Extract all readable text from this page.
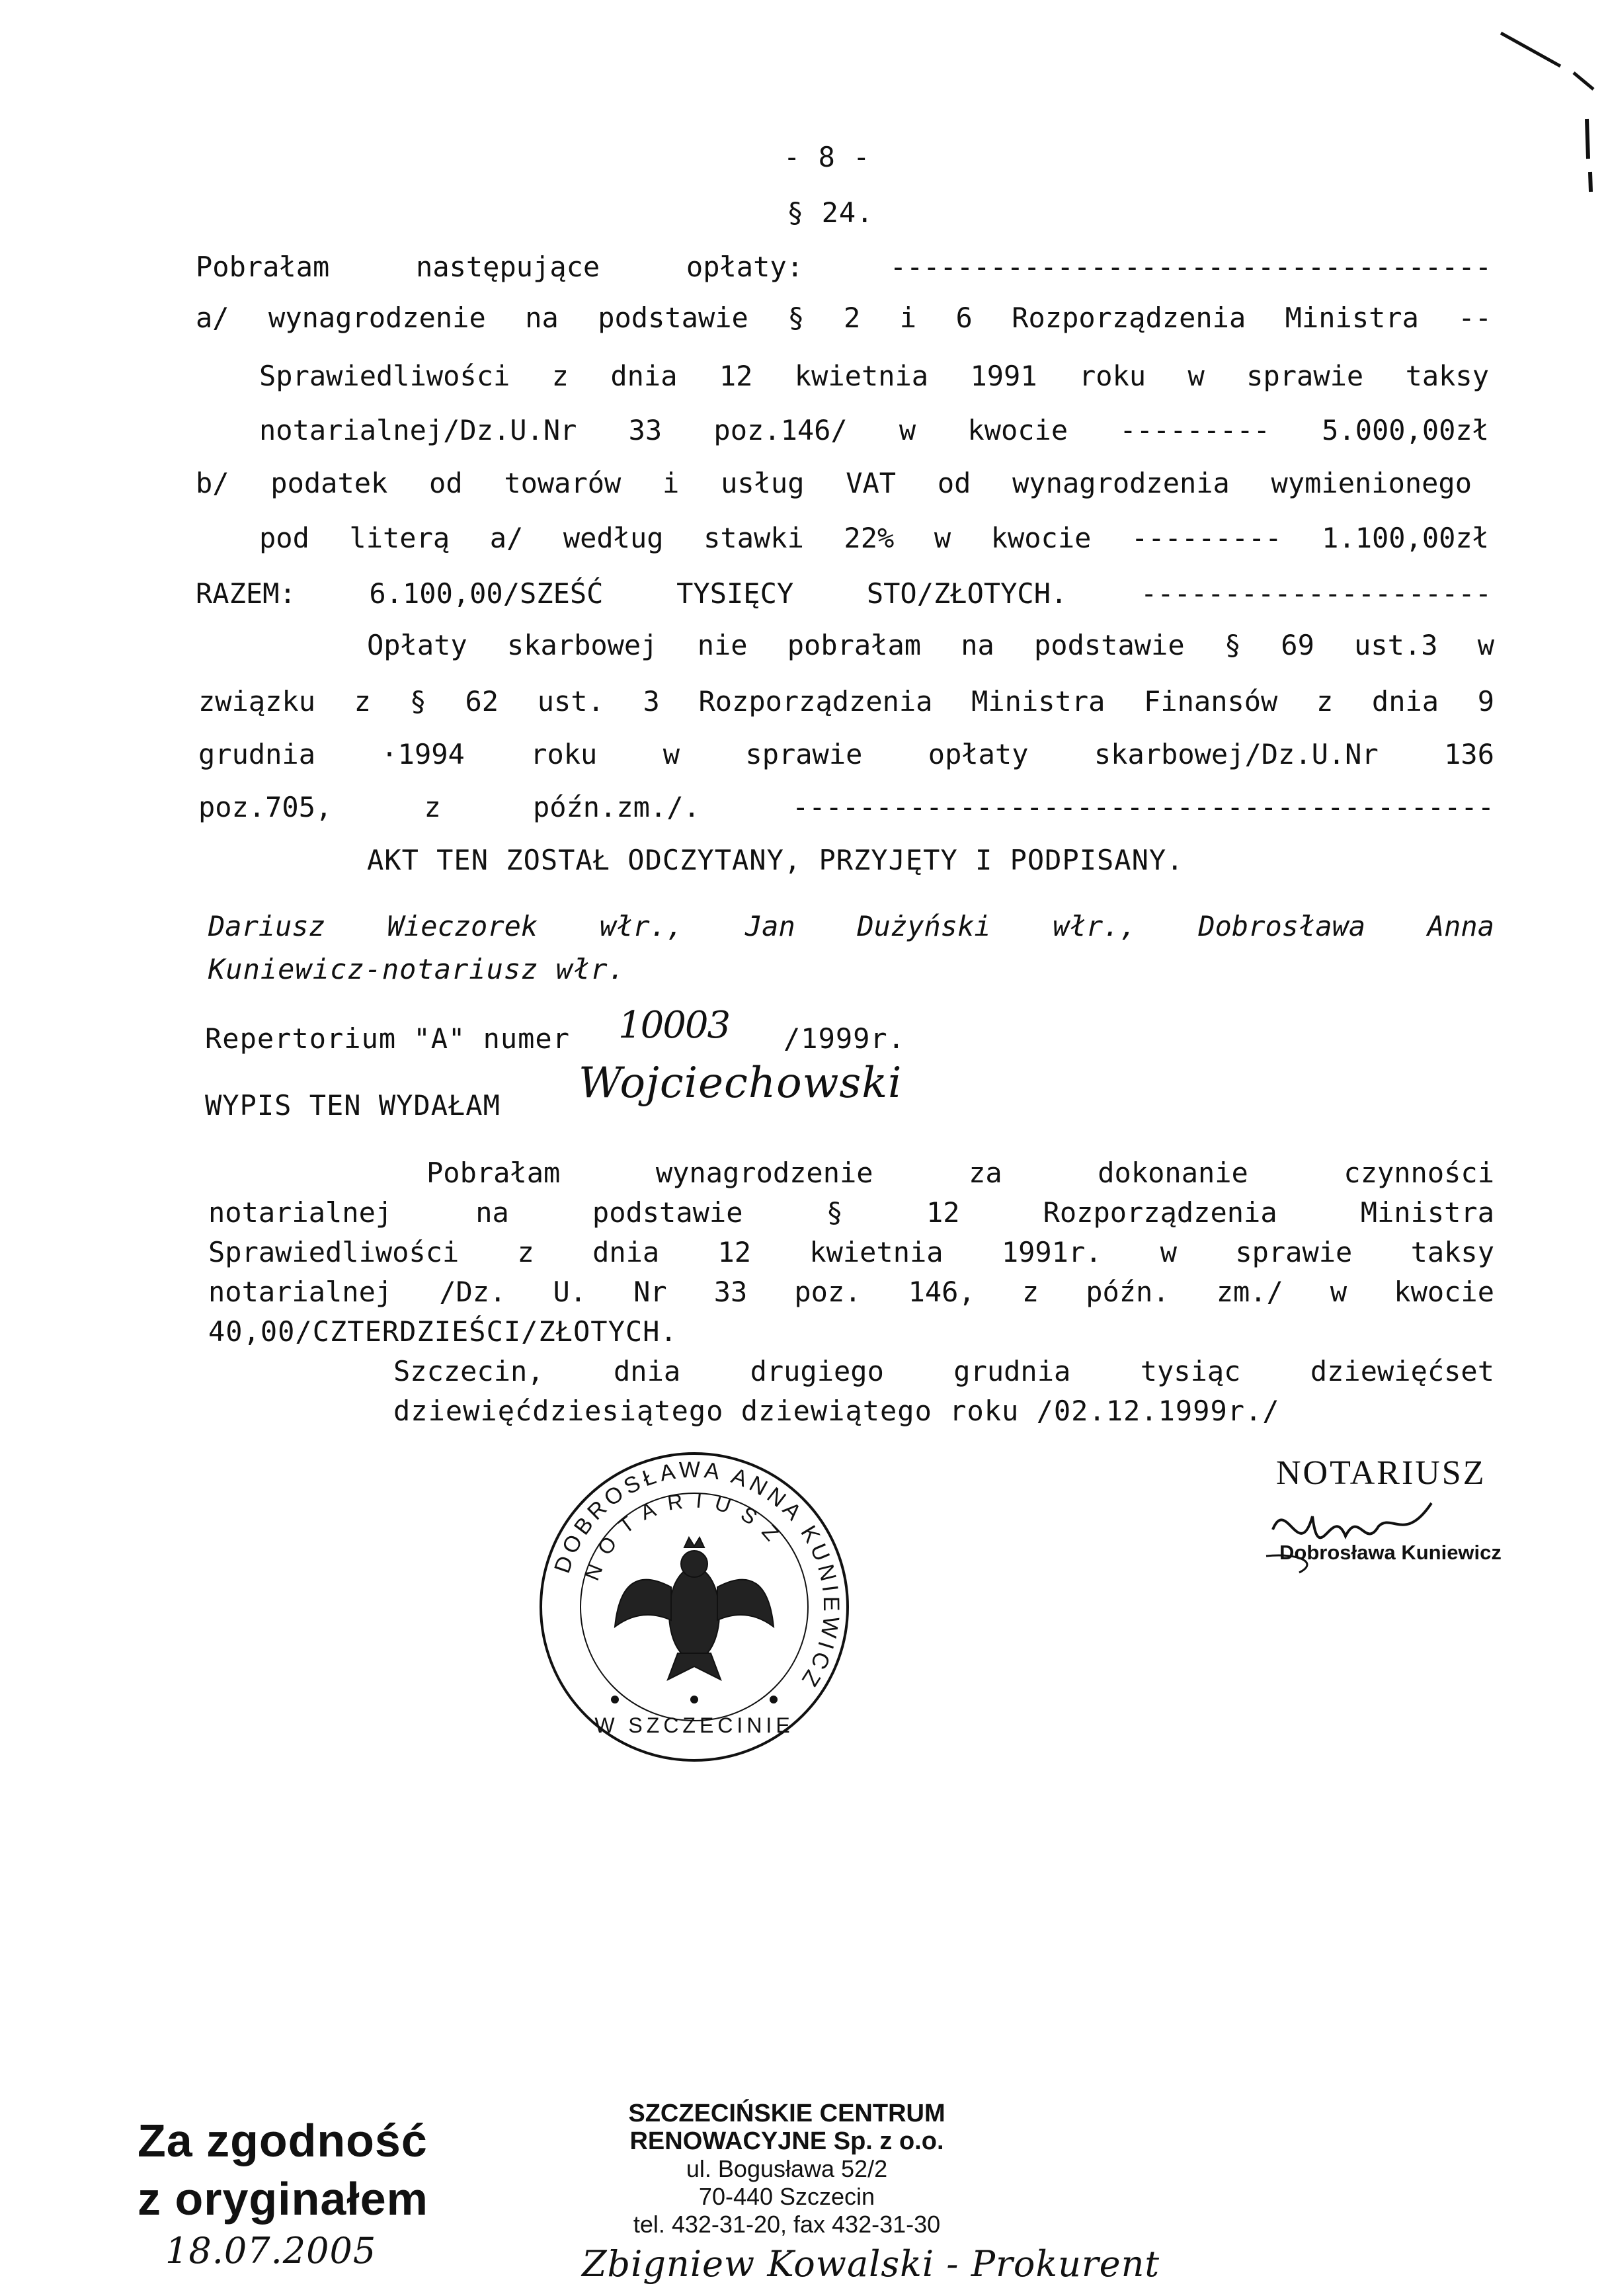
- 8 -
§ 24.
Pobrałam następujące opłaty: ------------------------------------
a/ wynagrodzenie na podstawie § 2 i 6 Rozporządzenia Ministra --
Sprawiedliwości z dnia 12 kwietnia 1991 roku w sprawie taksy
notarialnej/Dz.U.Nr 33 poz.146/ w kwocie --------- 5.000,00zł
b/ podatek od towarów i usług VAT od wynagrodzenia wymienionego
pod literą a/ według stawki 22% w kwocie --------- 1.100,00zł
RAZEM: 6.100,00/SZEŚĆ TYSIĘCY STO/ZŁOTYCH. ---------------------
Opłaty skarbowej nie pobrałam na podstawie § 69 ust.3 w
związku z § 62 ust. 3 Rozporządzenia Ministra Finansów z dnia 9
grudnia ·1994 roku w sprawie opłaty skarbowej/Dz.U.Nr 136
poz.705, z późn.zm./. ------------------------------------------
AKT TEN ZOSTAŁ ODCZYTANY, PRZYJĘTY I PODPISANY.
Dariusz Wieczorek włr., Jan Dużyński włr., Dobrosława Anna
Kuniewicz-notariusz włr.
Repertorium "A" numer 10003 /1999r.
WYPIS TEN WYDAŁAM Wojciechowski
Pobrałam wynagrodzenie za dokonanie czynności
notarialnej na podstawie § 12 Rozporządzenia Ministra
Sprawiedliwości z dnia 12 kwietnia 1991r. w sprawie taksy
notarialnej /Dz. U. Nr 33 poz. 146, z późn. zm./ w kwocie
40,00/CZTERDZIEŚCI/ZŁOTYCH.
Szczecin, dnia drugiego grudnia tysiąc dziewięćset
dziewięćdziesiątego dziewiątego roku /02.12.1999r./
DOBROSŁAWA ANNA KUNIEWICZ
NOTARIUSZ
W SZCZECINIE
NOTARIUSZ
Dobrosława Kuniewicz
Za zgodność
z oryginałem
18.07.2005
SZCZECIŃSKIE CENTRUM
RENOWACYJNE Sp. z o.o.
ul. Bogusława 52/2
70-440 Szczecin
tel. 432-31-20, fax 432-31-30
Zbigniew Kowalski - Prokurent
